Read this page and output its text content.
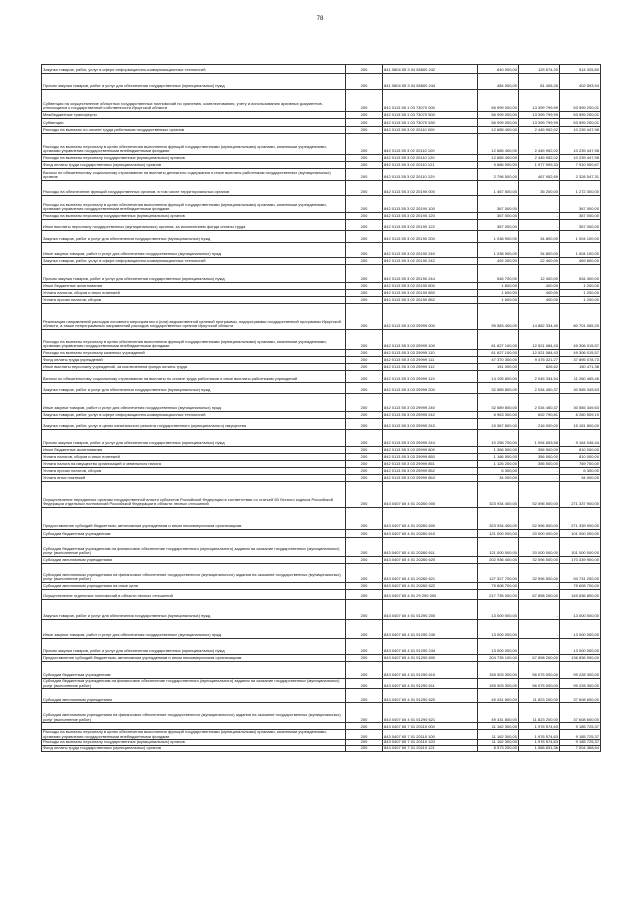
78
Закупка товаров, работ, услуг в сфере информационно-коммуникационных технологий	200	841 0804 55 3 04 56600 242	640 000,00	125 674,20	514 325,80
Прочая закупка товаров, работ и услуг для обеспечения государственных (муниципальных) нужд	200	841 0804 55 3 04 56600 244	484 000,00	81 406,26	402 593,94
Субвенция на осуществление областных государственных полномочий по хранению, комплектованию, учету и использованию архивных документов, относящихся к государственной собственности Иркутской области	200	842 0113 55 1 03 73070 000	66 999 000,00	13 399 799,99	53 599 200,01
Межбюджетные трансферты	200	842 0113 55 1 03 73070 500	66 999 000,00	13 399 799,99	53 599 200,01
Субвенции	200	842 0113 55 1 03 73070 530	66 999 000,00	13 399 799,99	53 599 200,01
Расходы на выплаты по оплате труда работников государственных органов	200	842 0113 55 3 02 20110 000	12 685 400,00	2 445 952,02	10 239 447,98
Расходы на выплаты персоналу в целях обеспечения выполнения функций государственными (муниципальными) органами, казенными учреждениями, органами управления государственными внебюджетными фондами	200	842 0113 55 3 02 20110 100	12 685 400,00	2 445 952,02	10 239 447,98
Расходы на выплаты персоналу государственных (муниципальных) органов	200	842 0113 55 3 02 20110 120	12 685 400,00	2 445 952,02	10 239 447,98
Фонд оплаты труда государственных (муниципальных) органов	200	842 0113 55 3 02 20110 121	9 686 900,00	1 977 999,33	7 910 900,67
Взносы по обязательному социальному страхованию на выплаты денежного содержания и иные выплаты работникам государственных (муниципальных) органов	200	842 0113 55 3 02 20110 129	2 796 500,00	467 952,69	2 328 547,31
Расходы на обеспечение функций государственных органов, в том числе территориальных органов	200	842 0113 55 3 02 20190 000	1 467 500,00	35 200,00	1 272 300,00
Расходы на выплаты персоналу в целях обеспечения выполнения функций государственными (муниципальными) органами, казенными учреждениями, органами управления государственными внебюджетными фондами	200	842 0113 55 3 02 20190 100	367 000,00	-	367 000,00
Расходы на выплаты персоналу государственных (муниципальных) органов	200	842 0113 55 3 02 20190 120	367 000,00	-	367 000,00
Иные выплаты персоналу государственных (муниципальных) органов, за исключением фонда оплаты труда	200	842 0113 55 3 02 20190 122	367 000,00	-	367 000,00
Закупка товаров, работ и услуг для обеспечения государственных (муниципальных) нужд	200	842 0113 55 3 02 20190 200	1 038 900,00	34 800,00	1 004 100,00
Иные закупки товаров, работ и услуг для обеспечения государственных (муниципальных) нужд	200	842 0113 55 3 02 20190 240	1 038 900,00	34 800,00	1 004 100,00
Закупка товаров, работ, услуг в сфере информационно-коммуникационных технологий	200	842 0113 55 3 02 20190 242	492 200,00	22 400,00	469 800,00
Прочая закупка товаров, работ и услуг для обеспечения государственных (муниципальных) нужд	200	842 0113 55 3 02 20190 244	546 700,00	12 400,00	534 300,00
Иные бюджетные ассигнования	200	842 0113 55 3 02 20190 800	1 600,00	400,00	1 200,00
Уплата налогов, сборов и иных платежей	200	842 0113 55 3 02 20190 850	1 600,00	400,00	1 200,00
Уплата прочих налогов, сборов	200	842 0113 55 3 02 20190 852	1 600,00	400,00	1 200,00
Реализация направлений расходов основного мероприятия и (или) ведомственной целевой программы, подпрограммы государственной программы Иркутской области, а также непрограммных направлений расходов государственных органов Иркутской области	200	842 0113 55 3 03 29999 000	95 583 400,00	14 882 334,40	80 701 065,20
Расходы на выплаты персоналу в целях обеспечения выполнения функций государственными (муниципальными) органами, казенными учреждениями, органами управления государственными внебюджетными фондами	200	842 0113 55 3 03 29999 100	61 627 100,00	12 521 084,43	49 306 015,57
Расходы на выплаты персоналу казенных учреждений	200	842 0113 55 3 03 29999 110	61 627 100,00	12 521 084,43	49 306 015,57
Фонд оплаты труда учреждений	200	842 0113 55 3 03 29999 111	47 370 300,00	9 475 321,27	37 895 078,73
Иные выплаты персоналу учреждений, за исключением фонда оплаты труда	200	842 0113 55 3 03 29999 112	151 000,00	826,62	150 471,38
Взносы по обязательному социальному страхованию на выплаты по оплате труда работников и иные выплаты работникам учреждений	200	842 0113 55 3 03 29999 119	14 105 800,00	2 045 334,54	11 260 465,46
Закупка товаров, работ и услуг для обеспечения государственных (муниципальных) нужд	200	842 0113 55 3 03 29999 200	32 589 800,00	2 034 450,37	30 565 349,63
Иные закупки товаров, работ и услуг для обеспечения государственных (муниципальных) нужд	200	842 0113 55 3 03 29999 240	32 589 800,00	2 034 450,37	30 565 349,63
Закупка товаров, работ, услуг в сфере информационно-коммуникационных технологий	200	842 0113 55 3 03 29999 242	6 963 300,00	692 790,81	6 260 509,19
Закупка товаров, работ, услуг в целях капитального ремонта государственного (муниципального) имущества	200	842 0113 55 3 03 29999 243	15 367 800,00	216 000,00	15 151 800,00
Прочая закупка товаров, работ и услуг для обеспечения государственных (муниципальных) нужд	200	842 0113 55 3 03 29999 244	10 258 700,00	1 094 653,56	9 164 046,44
Иные бюджетные ассигнования	200	842 0113 55 3 03 29999 800	1 366 500,00	356 500,00	810 000,00
Уплата налогов, сборов и иных платежей	200	842 0113 55 3 03 29999 850	1 166 500,00	356 500,00	810 000,00
Уплата налога на имущество организаций и земельного налога	200	842 0113 55 3 03 29999 851	1 126 200,00	356 500,00	769 700,00
Уплата прочих налогов, сборов	200	842 0113 55 3 03 29999 852	6 300,00	-	6 300,00
Уплата иных платежей	200	842 0113 55 3 03 29999 853	34 000,00	-	34 000,00
Осуществление переданных органам государственной власти субъектов Российской Федерации в соответствии со статьей 83 Лесного кодекса Российской Федерации отдельных полномочий Российской Федерации в области лесных отношений	200	843 0407 65 4 01 20260 000	323 934 400,00	52 596 500,00	271 337 900,00
Предоставление субсидий бюджетным, автономным учреждениям и иным некоммерческим организациям	200	843 0407 65 4 01 20260 600	323 934 400,00	52 596 500,00	271 339 900,00
Субсидии бюджетным учреждениям	200	843 0407 65 4 01 20260 610	121 000 000,00	20 000 000,00	101 000 000,00
Субсидии бюджетным учреждениям на финансовое обеспечение государственного (муниципального) задания на оказание государственных (муниципальных) услуг (выполнение работ)	200	843 0407 65 4 01 20260 611	121 000 000,00	20 000 000,00	101 000 000,00
Субсидии автономным учреждениям	200	843 0407 65 4 01 20260 620	202 936 400,00	32 596 500,00	170 339 900,00
Субсидии автономным учреждениям на финансовое обеспечение государственного (муниципального) задания на оказание государственных (муниципальных) услуг (выполнение работ)	200	843 0407 65 4 01 20260 621	127 327 700,00	32 596 500,00	94 731 200,00
Субсидии автономным учреждениям на иные цели	200	843 0407 65 4 01 20260 622	75 608 700,00	-	75 608 700,00
Осуществление отдельных полномочий в области лесных отношений	200	843 0407 65 4 01 29 290 000	217 735 000,00	67 898 200,00	149 836 800,00
Закупка товаров, работ и услуг для обеспечения государственных (муниципальных) нужд	200	843 0407 65 4 01 51290 200	13 000 000,00	-	13 000 000,00
Иные закупки товаров, работ и услуг для обеспечения государственных (муниципальных) нужд	200	843 0407 65 4 01 51290 240	13 000 000,00	-	13 000 000,00
Прочая закупка товаров, работ и услуг для обеспечения государственных (муниципальных) нужд	200	843 0407 65 4 01 51290 244	13 000 000,00	-	13 000 000,00
Предоставление субсидий бюджетным, автономным учреждениям и иным некоммерческим организациям	200	843 0407 65 4 01 51290 600	204 735 100,00	67 898 200,00	136 836 900,00
Субсидии бюджетным учреждениям	200	843 0407 65 4 01 51290 610	155 303 300,00	56 075 000,00	99 228 300,00
Субсидии бюджетным учреждениям на финансовое обеспечение государственного (муниципального) задания на оказание государственных (муниципальных) услуг (выполнение работ)	200	843 0407 65 4 01 51290 611	155 303 300,00	56 075 000,00	99 228 300,00
Субсидии автономным учреждениям	200	843 0407 65 4 01 51290 620	49 431 800,00	11 823 200,00	37 608 600,00
Субсидии автономным учреждениям на финансовое обеспечение государственного (муниципального) задания на оказание государственных (муниципальных) услуг (выполнение работ)	200	843 0407 65 4 01 51290 621	49 431 800,00	11 823 200,00	37 608 600,00
	200	843 0407 65 7 01 20110 000	11 162 300,00	1 976 574,63	9 185 725,37
Расходы на выплаты персоналу в целях обеспечения выполнения функций государственными (муниципальными) органами, казенными учреждениями, органами управления государственными внебюджетными фондами	200	843 0407 65 7 01 20110 100	11 162 300,00	1 976 574,63	9 185 725,37
Расходы на выплаты персоналу государственных (муниципальных) органов	200	843 0407 65 7 01 20110 120	11 162 300,00	1 976 574,63	9 185 725,37
Фонд оплаты труда государственных (муниципальных) органов	200	843 0407 65 7 01 20110 121	8 573 200,00	1 568 831,36	7 004 368,64
